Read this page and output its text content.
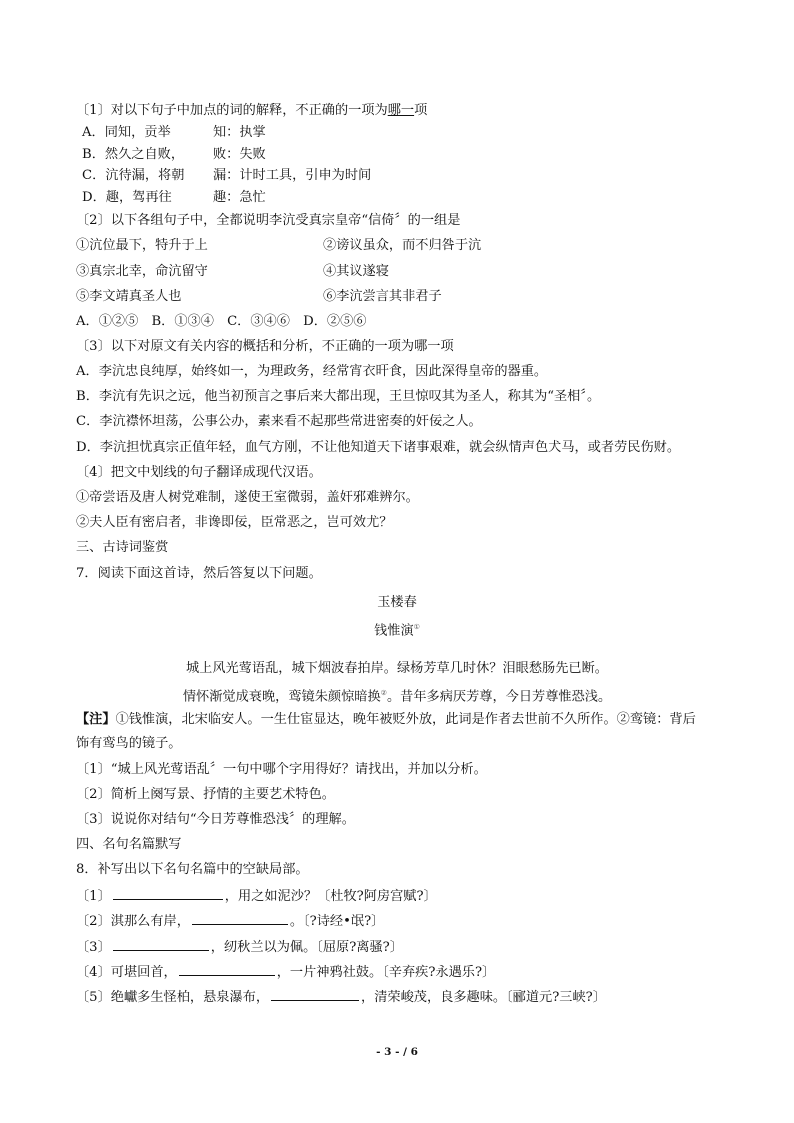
〔1〕对以下句子中加点的词的解释，不正确的一项为哪一项
A．同知，贡举	知：执掌
B．然久之自败， 败：失败
C．沆待漏，将朝 漏：计时工具，引申为时间
D．趣，驾再往	趣：急忙
〔2〕以下各组句子中，全都说明李沆受真宗皇帝“信倚〞的一组是
①沆位最下，特升于上	②谤议虽众，而不归咎于沆
③真宗北幸，命沆留守	④其议遂寝
⑤李文靖真圣人也	⑥李沆尝言其非君子
A．①②⑤　B．①③④　C．③④⑥　D．②⑤⑥
〔3〕以下对原文有关内容的概括和分析，不正确的一项为哪一项
A．李沆忠良纯厚，始终如一，为理政务，经常宵衣旰食，因此深得皇帝的器重。
B．李沆有先识之远，他当初预言之事后来大都出现，王旦惊叹其为圣人，称其为“圣相〞。
C．李沆襟怀坦荡，公事公办，素来看不起那些常进密奏的奸佞之人。
D．李沆担忧真宗正值年轻，血气方刚，不让他知道天下诸事艰难，就会纵情声色犬马，或者劳民伤财。
〔4〕把文中划线的句子翻译成现代汉语。
①帝尝语及唐人树党难制，遂使王室微弱，盖奸邪难辨尔。
②夫人臣有密启者，非谗即佞，臣常恶之，岂可效尤？
三、古诗词鉴赏
7．阅读下面这首诗，然后答复以下问题。
玉楼春
钱惟演①
城上风光莺语乱，城下烟波春拍岸。绿杨芳草几时休？泪眼愁肠先已断。
情怀渐觉成衰晚，鸾镜朱颜惊暗换②。昔年多病厌芳尊，今日芳尊惟恐浅。
【注】①钱惟演，北宋临安人。一生仕宦显达，晚年被贬外放，此词是作者去世前不久所作。②鸾镜：背后
饰有鸾鸟的镜子。
〔1〕“城上风光莺语乱〞一句中哪个字用得好？请找出，并加以分析。
〔2〕简析上阕写景、抒情的主要艺术特色。
〔3〕说说你对结句“今日芳尊惟恐浅〞的理解。
四、名句名篇默写
8．补写出以下名句名篇中的空缺局部。
〔1〕	，用之如泥沙？〔杜牧?阿房宫赋?〕
〔2〕淇那么有岸，	。〔?诗经•氓?〕
〔3〕	，纫秋兰以为佩。〔屈原?离骚?〕
〔4〕可堪回首，	，一片神鸦社鼓。〔辛弃疾?永遇乐?〕
〔5〕绝巘多生怪柏，悬泉瀑布，	，清荣峻茂，良多趣味。〔郦道元?三峡?〕
- 3 - / 6
